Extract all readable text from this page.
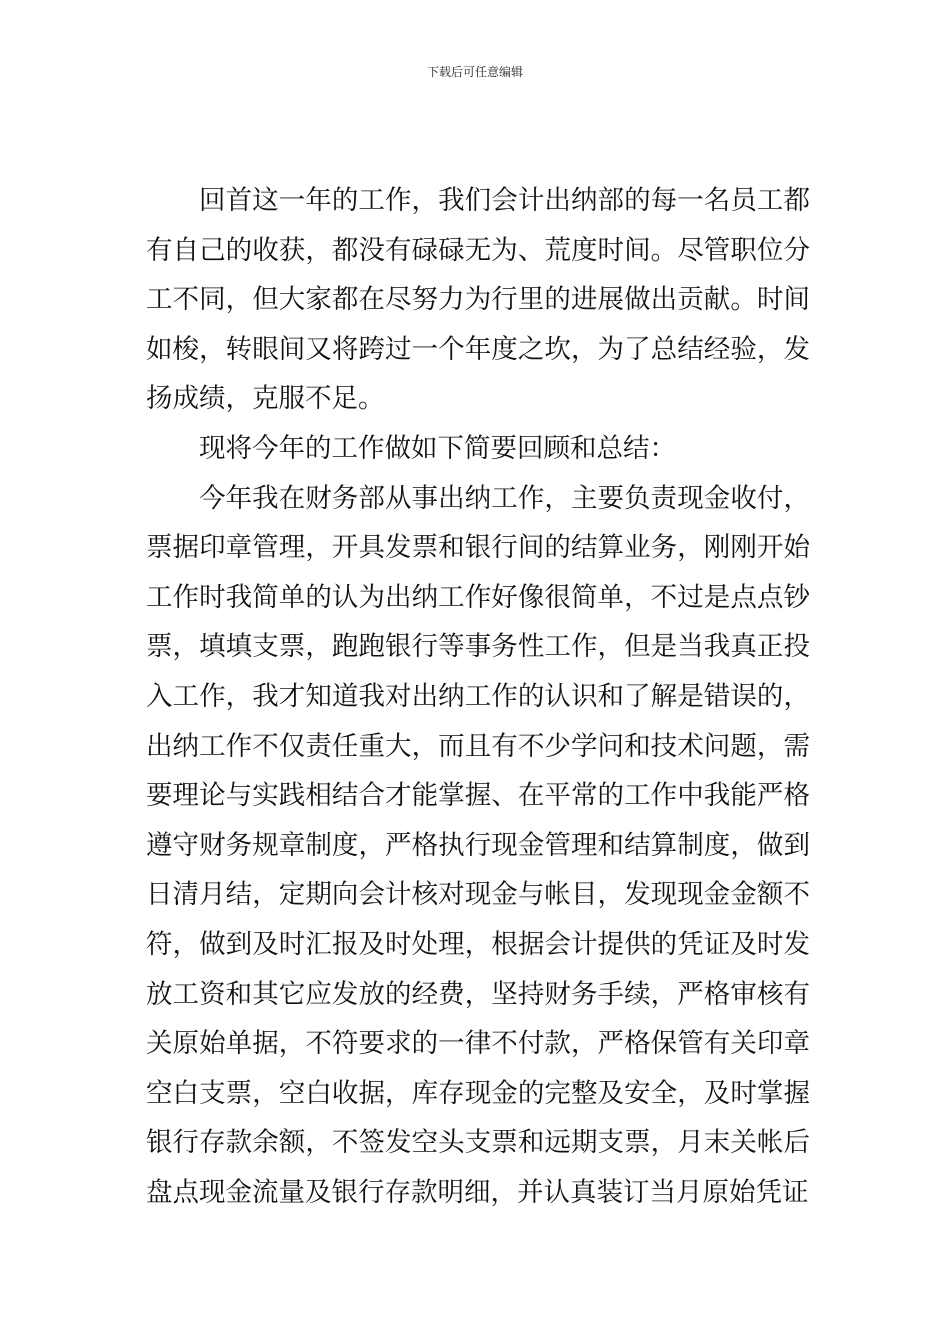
下载后可任意编辑

回首这一年的工作，我们会计出纳部的每一名员工都有自己的收获，都没有碌碌无为、荒度时间。尽管职位分工不同，但大家都在尽努力为行里的进展做出贡献。时间如梭，转眼间又将跨过一个年度之坎，为了总结经验，发扬成绩，克服不足。

现将今年的工作做如下简要回顾和总结：

今年我在财务部从事出纳工作，主要负责现金收付，票据印章管理，开具发票和银行间的结算业务，刚刚开始工作时我简单的认为出纳工作好像很简单，不过是点点钞票，填填支票，跑跑银行等事务性工作，但是当我真正投入工作，我才知道我对出纳工作的认识和了解是错误的，出纳工作不仅责任重大，而且有不少学问和技术问题，需要理论与实践相结合才能掌握、在平常的工作中我能严格遵守财务规章制度，严格执行现金管理和结算制度，做到日清月结，定期向会计核对现金与帐目，发现现金金额不符，做到及时汇报及时处理，根据会计提供的凭证及时发放工资和其它应发放的经费，坚持财务手续，严格审核有关原始单据，不符要求的一律不付款，严格保管有关印章空白支票，空白收据，库存现金的完整及安全，及时掌握银行存款余额，不签发空头支票和远期支票，月末关帐后盘点现金流量及银行存款明细，并认真装订当月原始凭证
